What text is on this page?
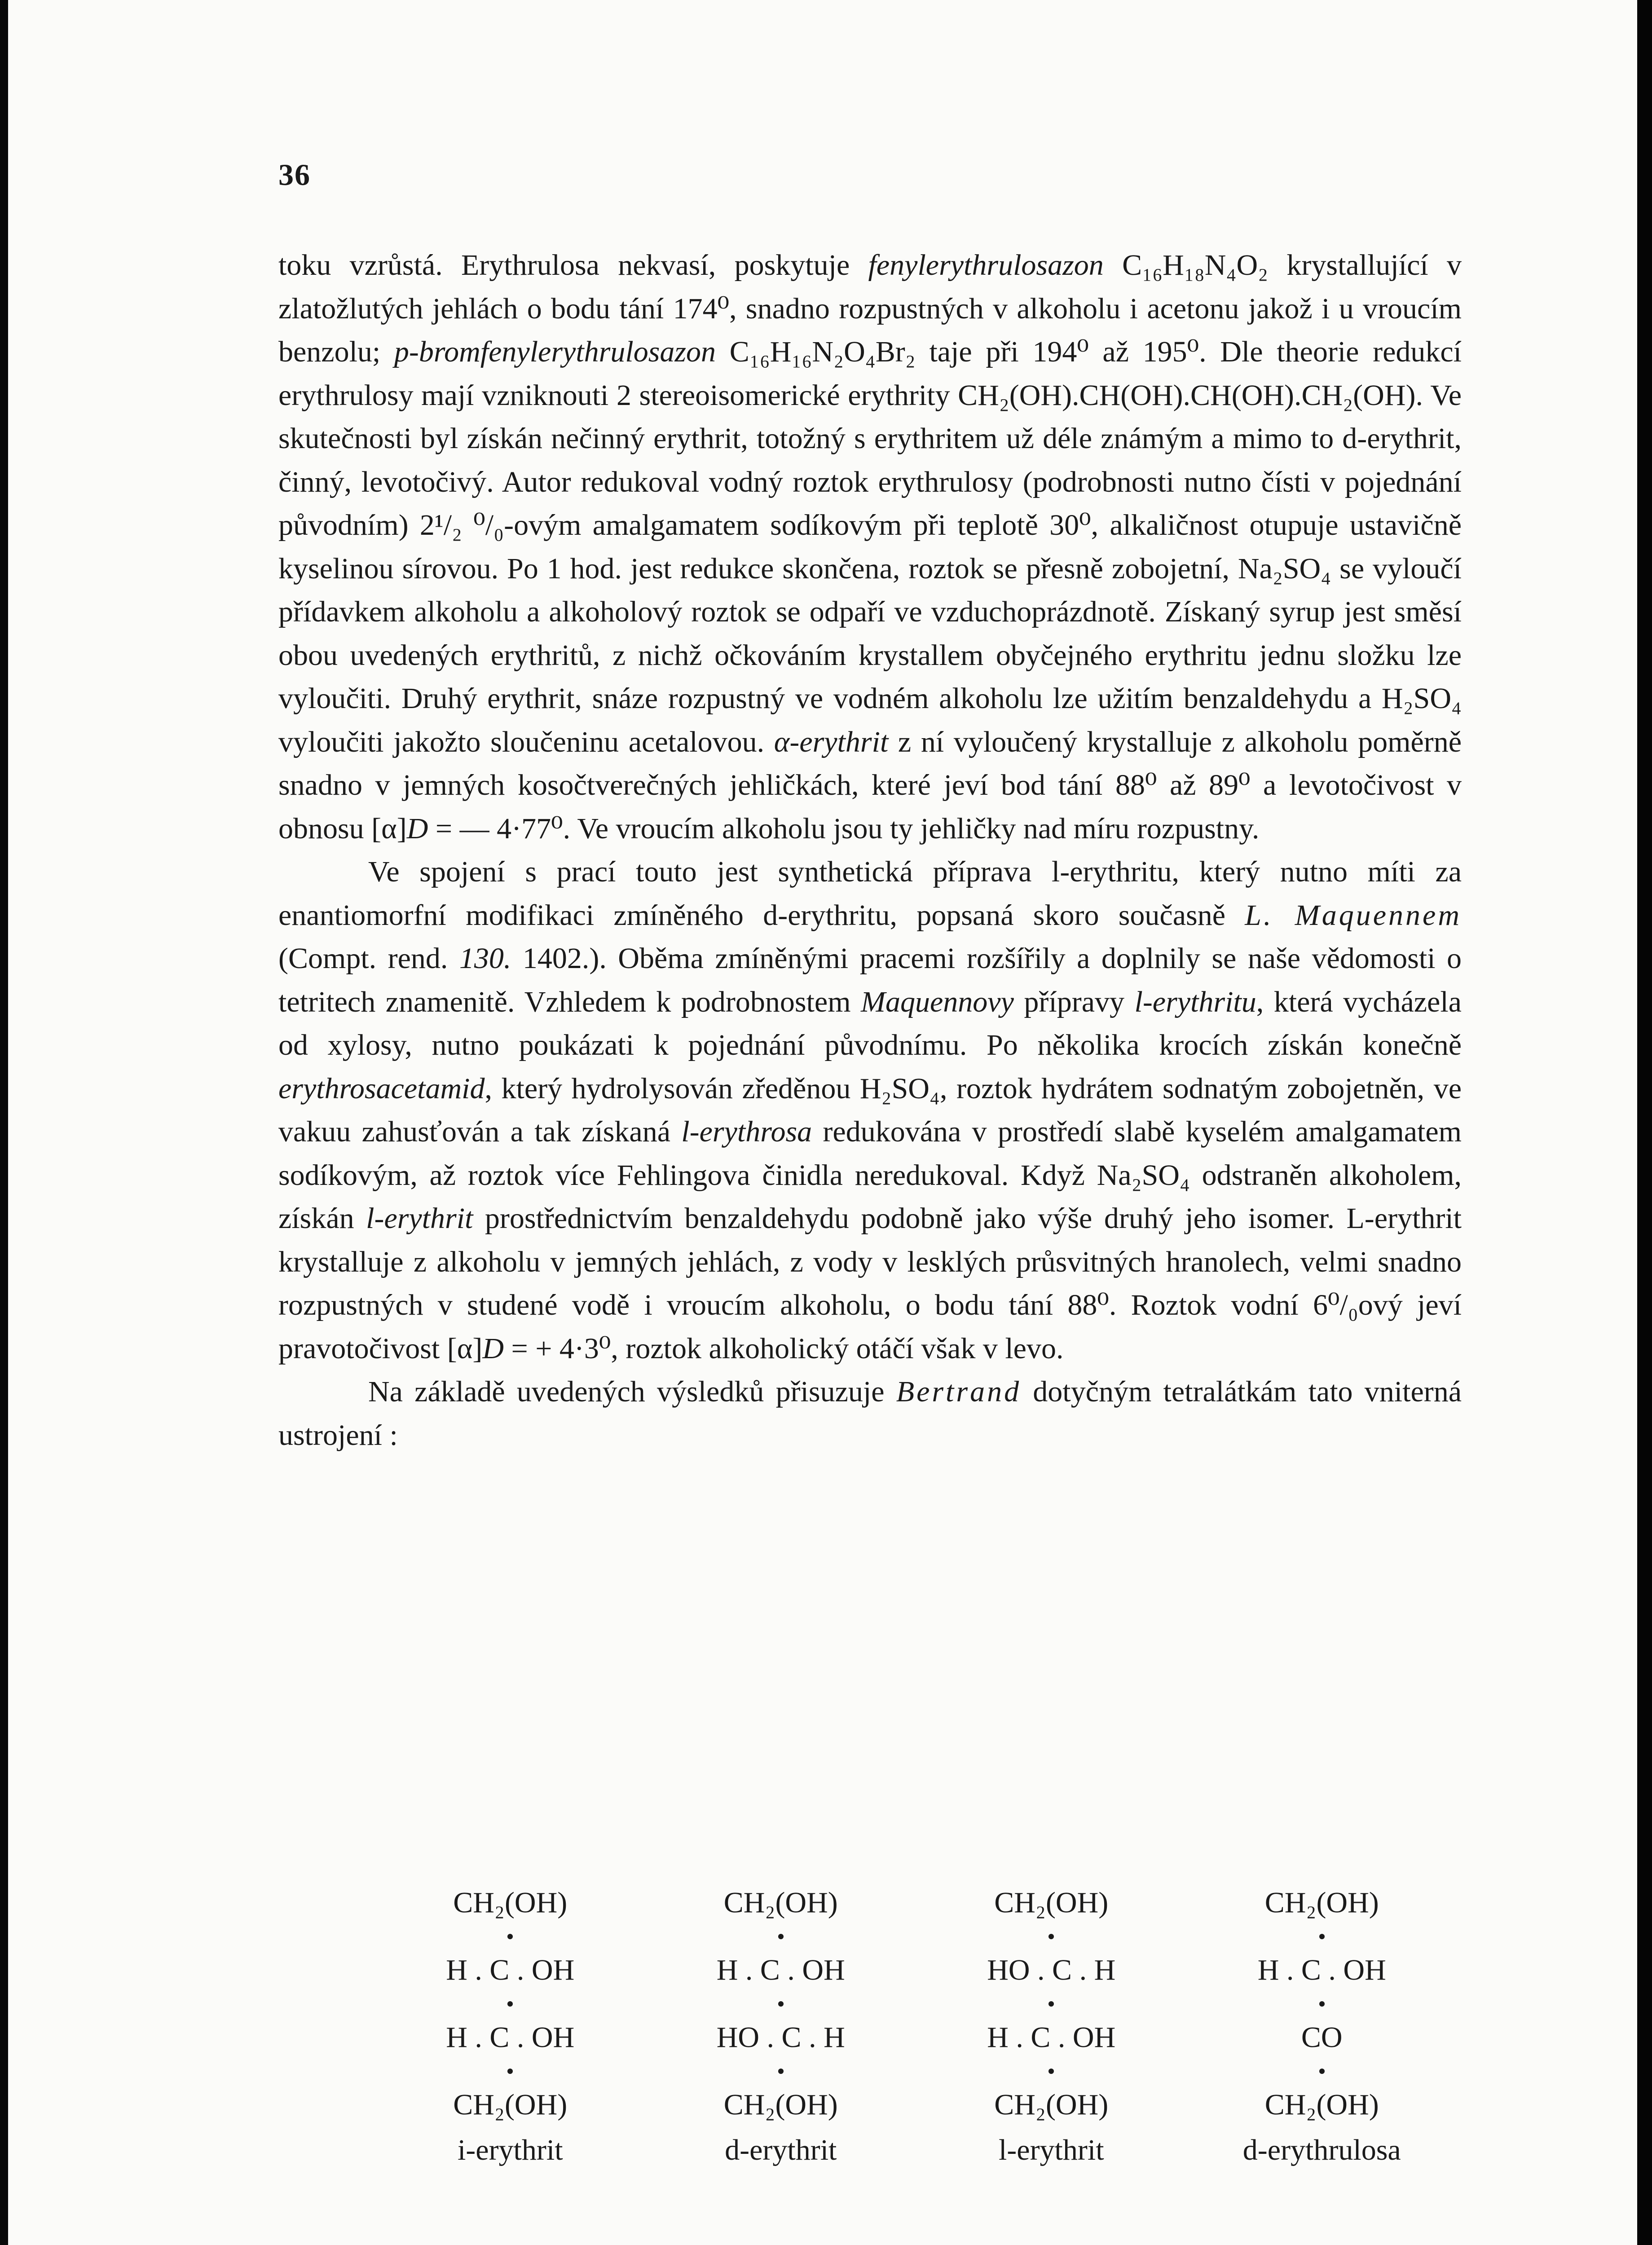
36

toku vzrůstá. Erythrulosa nekvasí, poskytuje fenylerythrulosazon C₁₆H₁₈N₄O₂ krystallující v zlatožlutých jehlách o bodu tání 174⁰, snadno rozpustných v alkoholu i acetonu jakož i u vroucím benzolu; p-bromfenylerythrulosazon C₁₆H₁₆N₂O₄Br₂ taje při 194⁰ až 195⁰. Dle theorie redukcí erythrulosy mají vzniknouti 2 stereoisomerické erythrity CH₂(OH).CH(OH).CH(OH).CH₂(OH). Ve skutečnosti byl získán nečinný erythrit, totožný s erythritem už déle známým a mimo to d-erythrit, činný, levotočivý. Autor redukoval vodný roztok erythrulosy (podrobnosti nutno čísti v pojednání původním) 2¹/₂ ⁰/₀-ovým amalgamatem sodíkovým při teplotě 30⁰, alkaličnost otupuje ustavičně kyselinou sírovou. Po 1 hod. jest redukce skončena, roztok se přesně zobojetní, Na₂SO₄ se vyloučí přídavkem alkoholu a alkoholový roztok se odpaří ve vzduchoprázdnotě. Získaný syrup jest směsí obou uvedených erythritů, z nichž očkováním krystallem obyčejného erythritu jednu složku lze vyloučiti. Druhý erythrit, snáze rozpustný ve vodném alkoholu lze užitím benzaldehydu a H₂SO₄ vyloučiti jakožto sloučeninu acetalovou. α-erythrit z ní vyloučený krystalluje z alkoholu poměrně snadno v jemných kosočtverečných jehličkách, které jeví bod tání 88⁰ až 89⁰ a levotočivost v obnosu [α]D = — 4·77⁰. Ve vroucím alkoholu jsou ty jehličky nad míru rozpustny.

Ve spojení s prací touto jest synthetická příprava l-erythritu, který nutno míti za enantiomorfní modifikaci zmíněného d-erythritu, popsaná skoro současně L. Maquennem (Compt. rend. 130. 1402.). Oběma zmíněnými pracemi rozšířily a doplnily se naše vědomosti o tetritech znamenitě. Vzhledem k podrobnostem Maquennovy přípravy l-erythritu, která vycházela od xylosy, nutno poukázati k pojednání původnímu. Po několika krocích získán konečně erythrosacetamid, který hydrolysován zředěnou H₂SO₄, roztok hydrátem sodnatým zobojetněn, ve vakuu zahusťován a tak získaná l-erythrosa redukována v prostředí slabě kyselém amalgamatem sodíkovým, až roztok více Fehlingova činidla neredukoval. Když Na₂SO₄ odstraněn alkoholem, získán l-erythrit prostřednictvím benzaldehydu podobně jako výše druhý jeho isomer. L-erythrit krystalluje z alkoholu v jemných jehlách, z vody v lesklých průsvitných hranolech, velmi snadno rozpustných v studené vodě i vroucím alkoholu, o bodu tání 88⁰. Roztok vodní 6⁰/₀ový jeví pravotočivost [α]D = + 4·3⁰, roztok alkoholický otáčí však v levo.

Na základě uvedených výsledků přisuzuje Bertrand dotyčným tetralátkám tato vniterná ustrojení :

CH₂(OH)
H . C . OH
H . C . OH
CH₂(OH)
i-erythrit
CH₂(OH)
H . C . OH
HO . C . H
CH₂(OH)
d-erythrit
CH₂(OH)
HO . C . H
H . C . OH
CH₂(OH)
l-erythrit
CH₂(OH)
H . C . OH
CO
CH₂(OH)
d-erythrulosa
